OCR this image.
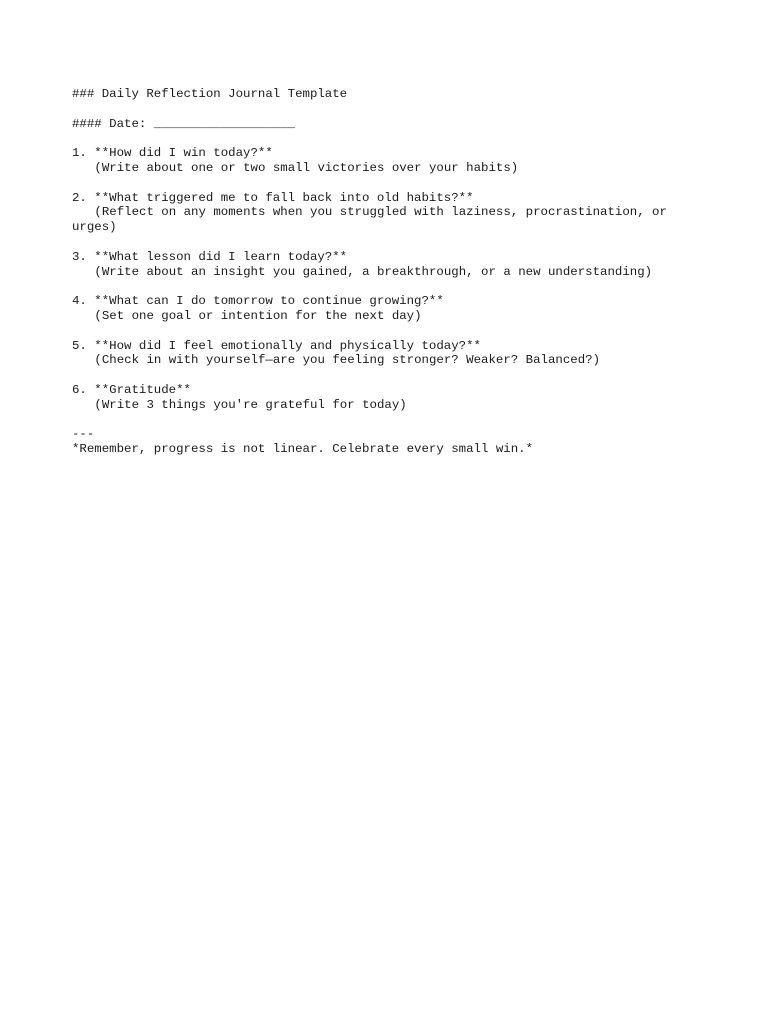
### Daily Reflection Journal Template
#### Date: ___________________
1. **How did I win today?**
(Write about one or two small victories over your habits)
2. **What triggered me to fall back into old habits?**
(Reflect on any moments when you struggled with laziness, procrastination, or urges)
3. **What lesson did I learn today?**
(Write about an insight you gained, a breakthrough, or a new understanding)
4. **What can I do tomorrow to continue growing?**
(Set one goal or intention for the next day)
5. **How did I feel emotionally and physically today?**
(Check in with yourself—are you feeling stronger? Weaker? Balanced?)
6. **Gratitude**
(Write 3 things you're grateful for today)
---
*Remember, progress is not linear. Celebrate every small win.*
